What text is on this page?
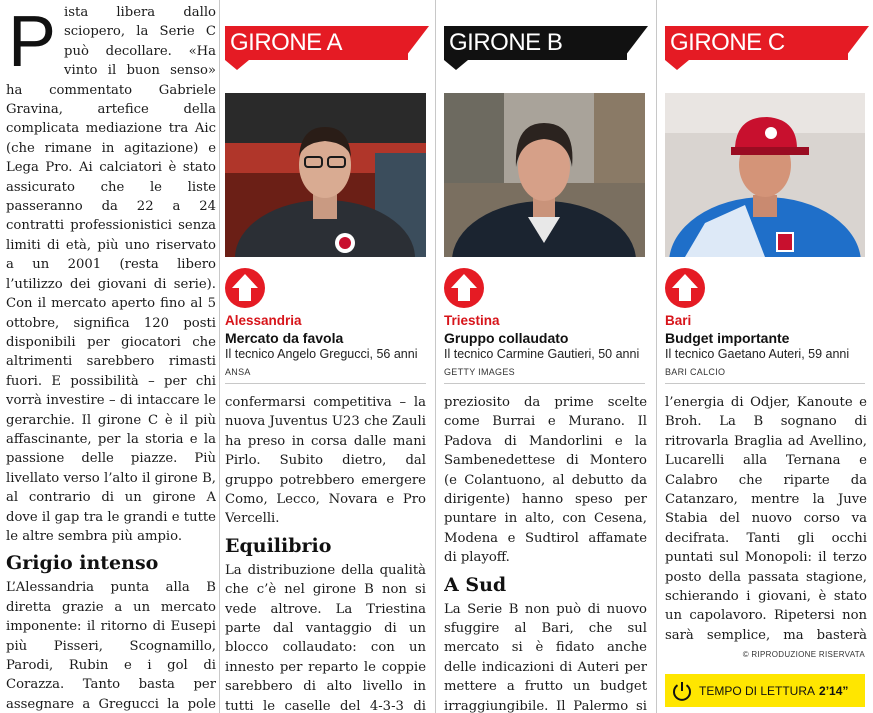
Pista libera dallo sciopero, la Serie C può decollare. «Ha vinto il buon senso» ha commentato Gabriele Gravina, artefice della complicata mediazione tra Aic (che rimane in agitazione) e Lega Pro. Ai calciatori è stato assicurato che le liste passeranno da 22 a 24 contratti professionistici senza limiti di età, più uno riservato a un 2001 (resta libero l’utilizzo dei giovani di serie). Con il mercato aperto fino al 5 ottobre, significa 120 posti disponibili per giocatori che altrimenti sarebbero rimasti fuori. E possibilità – per chi vorrà investire – di intaccare le gerarchie. Il girone C è il più affascinante, per la storia e la passione delle piazze. Più livellato verso l’alto il girone B, al contrario di un girone A dove il gap tra le grandi e tutte le altre sembra più ampio.
Grigio intenso

L’Alessandria punta alla B diretta grazie a un mercato imponente: il ritorno di Eusepi più Pisseri, Scognamillo, Parodi, Rubin e i gol di Corazza. Tanto basta per assegnare a Gregucci la pole

GIRONE A
Alessandria
Mercato da favola
Il tecnico Angelo Gregucci, 56 anni
ANSA

confermarsi competitiva – la nuova Juventus U23 che Zauli ha preso in corsa dalle mani Pirlo. Subito dietro, dal gruppo potrebbero emergere Como, Lecco, Novara e Pro Vercelli.

Equilibrio

La distribuzione della qualità che c’è nel girone B non si vede altrove. La Triestina parte dal vantaggio di un blocco collaudato: con un innesto per reparto le coppie sarebbero di alto livello in tutti le caselle del 4-3-3 di

GIRONE B
Triestina
Gruppo collaudato
Il tecnico Carmine Gautieri, 50 anni
GETTY IMAGES

preziosito da prime scelte come Burrai e Murano. Il Padova di Mandorlini e la Sambenedettese di Montero (e Colantuono, al debutto da dirigente) hanno speso per puntare in alto, con Cesena, Modena e Sudtirol affamate di playoff.

A Sud

La Serie B non può di nuovo sfuggire al Bari, che sul mercato si è fidato anche delle indicazioni di Auteri per mettere a frutto un budget irraggiungibile. Il Palermo si

GIRONE C
Bari
Budget importante
Il tecnico Gaetano Auteri, 59 anni
BARI CALCIO

l’energia di Odjer, Kanoute e Broh. La B sognano di ritrovarla Braglia ad Avellino, Lucarelli alla Ternana e Calabro che riparte da Catanzaro, mentre la Juve Stabia del nuovo corso va decifrata. Tanti gli occhi puntati sul Monopoli: il terzo posto della passata stagione, schierando i giovani, è stato un capolavoro. Ripetersi non sarà semplice, ma basterà

© RIPRODUZIONE RISERVATA
TEMPO DI LETTURA 2’14”
